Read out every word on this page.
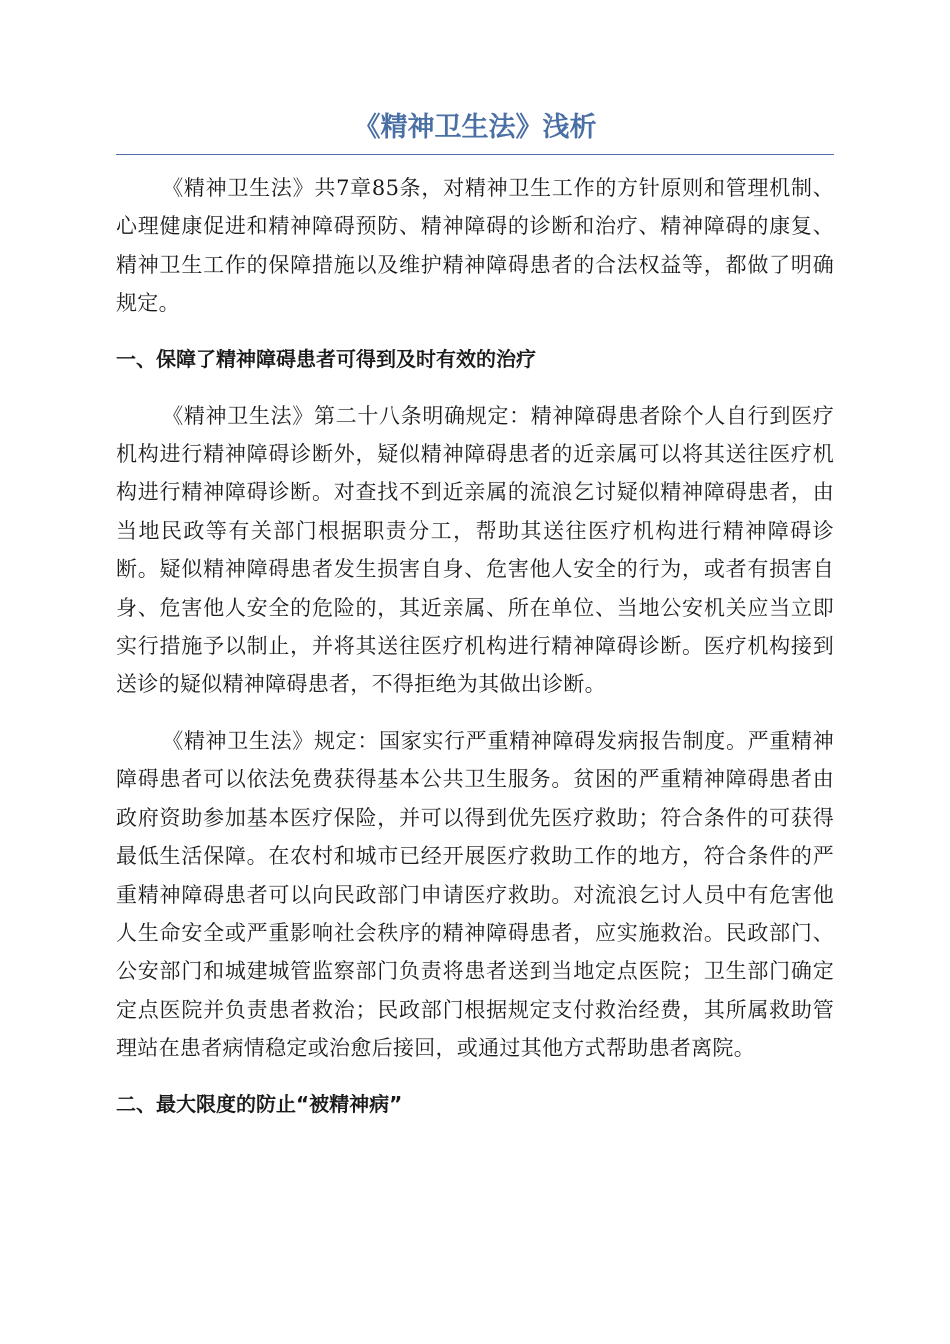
《精神卫生法》浅析

《精神卫生法》共7章85条，对精神卫生工作的方针原则和管理机制、心理健康促进和精神障碍预防、精神障碍的诊断和治疗、精神障碍的康复、精神卫生工作的保障措施以及维护精神障碍患者的合法权益等，都做了明确规定。

一、保障了精神障碍患者可得到及时有效的治疗

《精神卫生法》第二十八条明确规定：精神障碍患者除个人自行到医疗机构进行精神障碍诊断外，疑似精神障碍患者的近亲属可以将其送往医疗机构进行精神障碍诊断。对查找不到近亲属的流浪乞讨疑似精神障碍患者，由当地民政等有关部门根据职责分工，帮助其送往医疗机构进行精神障碍诊断。疑似精神障碍患者发生损害自身、危害他人安全的行为，或者有损害自身、危害他人安全的危险的，其近亲属、所在单位、当地公安机关应当立即实行措施予以制止，并将其送往医疗机构进行精神障碍诊断。医疗机构接到送诊的疑似精神障碍患者，不得拒绝为其做出诊断。

《精神卫生法》规定：国家实行严重精神障碍发病报告制度。严重精神障碍患者可以依法免费获得基本公共卫生服务。贫困的严重精神障碍患者由政府资助参加基本医疗保险，并可以得到优先医疗救助；符合条件的可获得最低生活保障。在农村和城市已经开展医疗救助工作的地方，符合条件的严重精神障碍患者可以向民政部门申请医疗救助。对流浪乞讨人员中有危害他人生命安全或严重影响社会秩序的精神障碍患者，应实施救治。民政部门、公安部门和城建城管监察部门负责将患者送到当地定点医院；卫生部门确定定点医院并负责患者救治；民政部门根据规定支付救治经费，其所属救助管理站在患者病情稳定或治愈后接回，或通过其他方式帮助患者离院。

二、最大限度的防止“被精神病”
